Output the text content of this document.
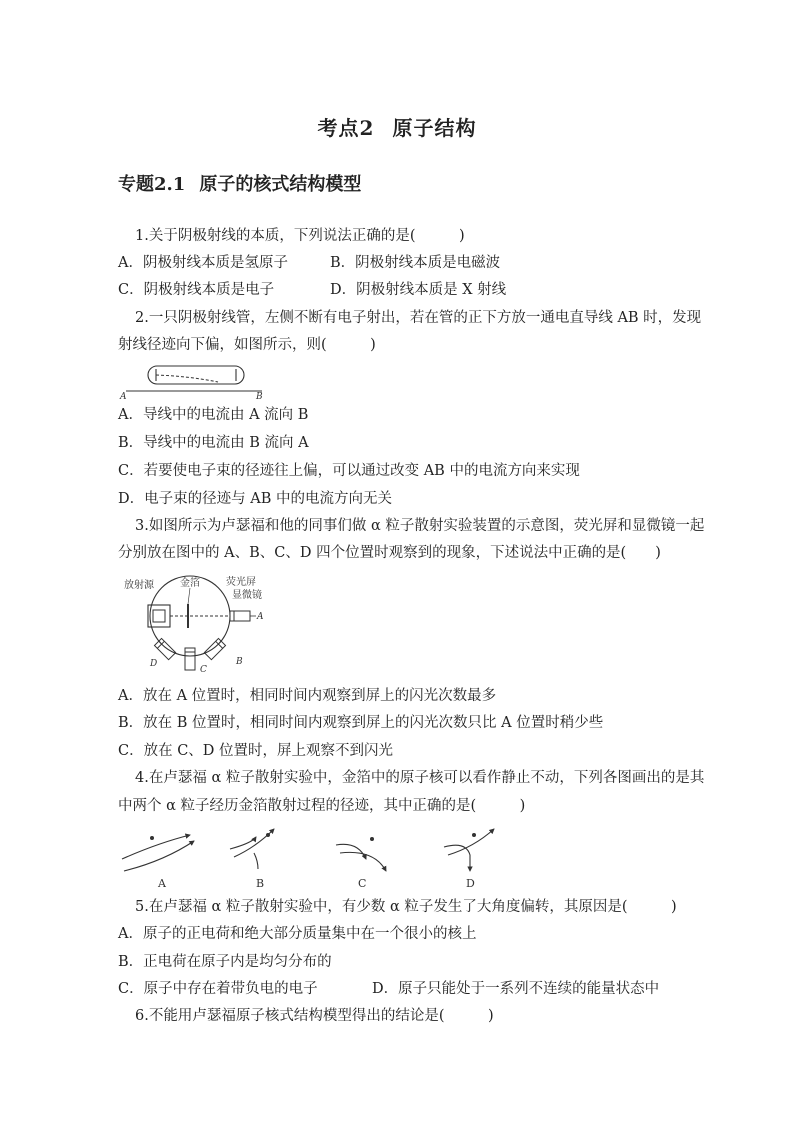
考点2 原子结构
专题2.1 原子的核式结构模型
1.关于阴极射线的本质，下列说法正确的是(　　　)
A．阴极射线本质是氢原子	B．阴极射线本质是电磁波
C．阴极射线本质是电子	D．阴极射线本质是 X 射线
2.一只阴极射线管，左侧不断有电子射出，若在管的正下方放一通电直导线 AB 时，发现
射线径迹向下偏，如图所示，则(　　　)
A	B
A．导线中的电流由 A 流向 B
B．导线中的电流由 B 流向 A
C．若要使电子束的径迹往上偏，可以通过改变 AB 中的电流方向来实现
D．电子束的径迹与 AB 中的电流方向无关
3.如图所示为卢瑟福和他的同事们做 α 粒子散射实验装置的示意图，荧光屏和显微镜一起
分别放在图中的 A、B、C、D 四个位置时观察到的现象，下述说法中正确的是(　　)
放射源	金箔	荧光屏
显微镜
A
B
C
D
A．放在 A 位置时，相同时间内观察到屏上的闪光次数最多
B．放在 B 位置时，相同时间内观察到屏上的闪光次数只比 A 位置时稍少些
C．放在 C、D 位置时，屏上观察不到闪光
4.在卢瑟福 α 粒子散射实验中，金箔中的原子核可以看作静止不动，下列各图画出的是其
中两个 α 粒子经历金箔散射过程的径迹，其中正确的是(　　　)
A	B	C	D
5.在卢瑟福 α 粒子散射实验中，有少数 α 粒子发生了大角度偏转，其原因是(　　　)
A．原子的正电荷和绝大部分质量集中在一个很小的核上
B．正电荷在原子内是均匀分布的
C．原子中存在着带负电的电子	D．原子只能处于一系列不连续的能量状态中
6.不能用卢瑟福原子核式结构模型得出的结论是(　　　)
